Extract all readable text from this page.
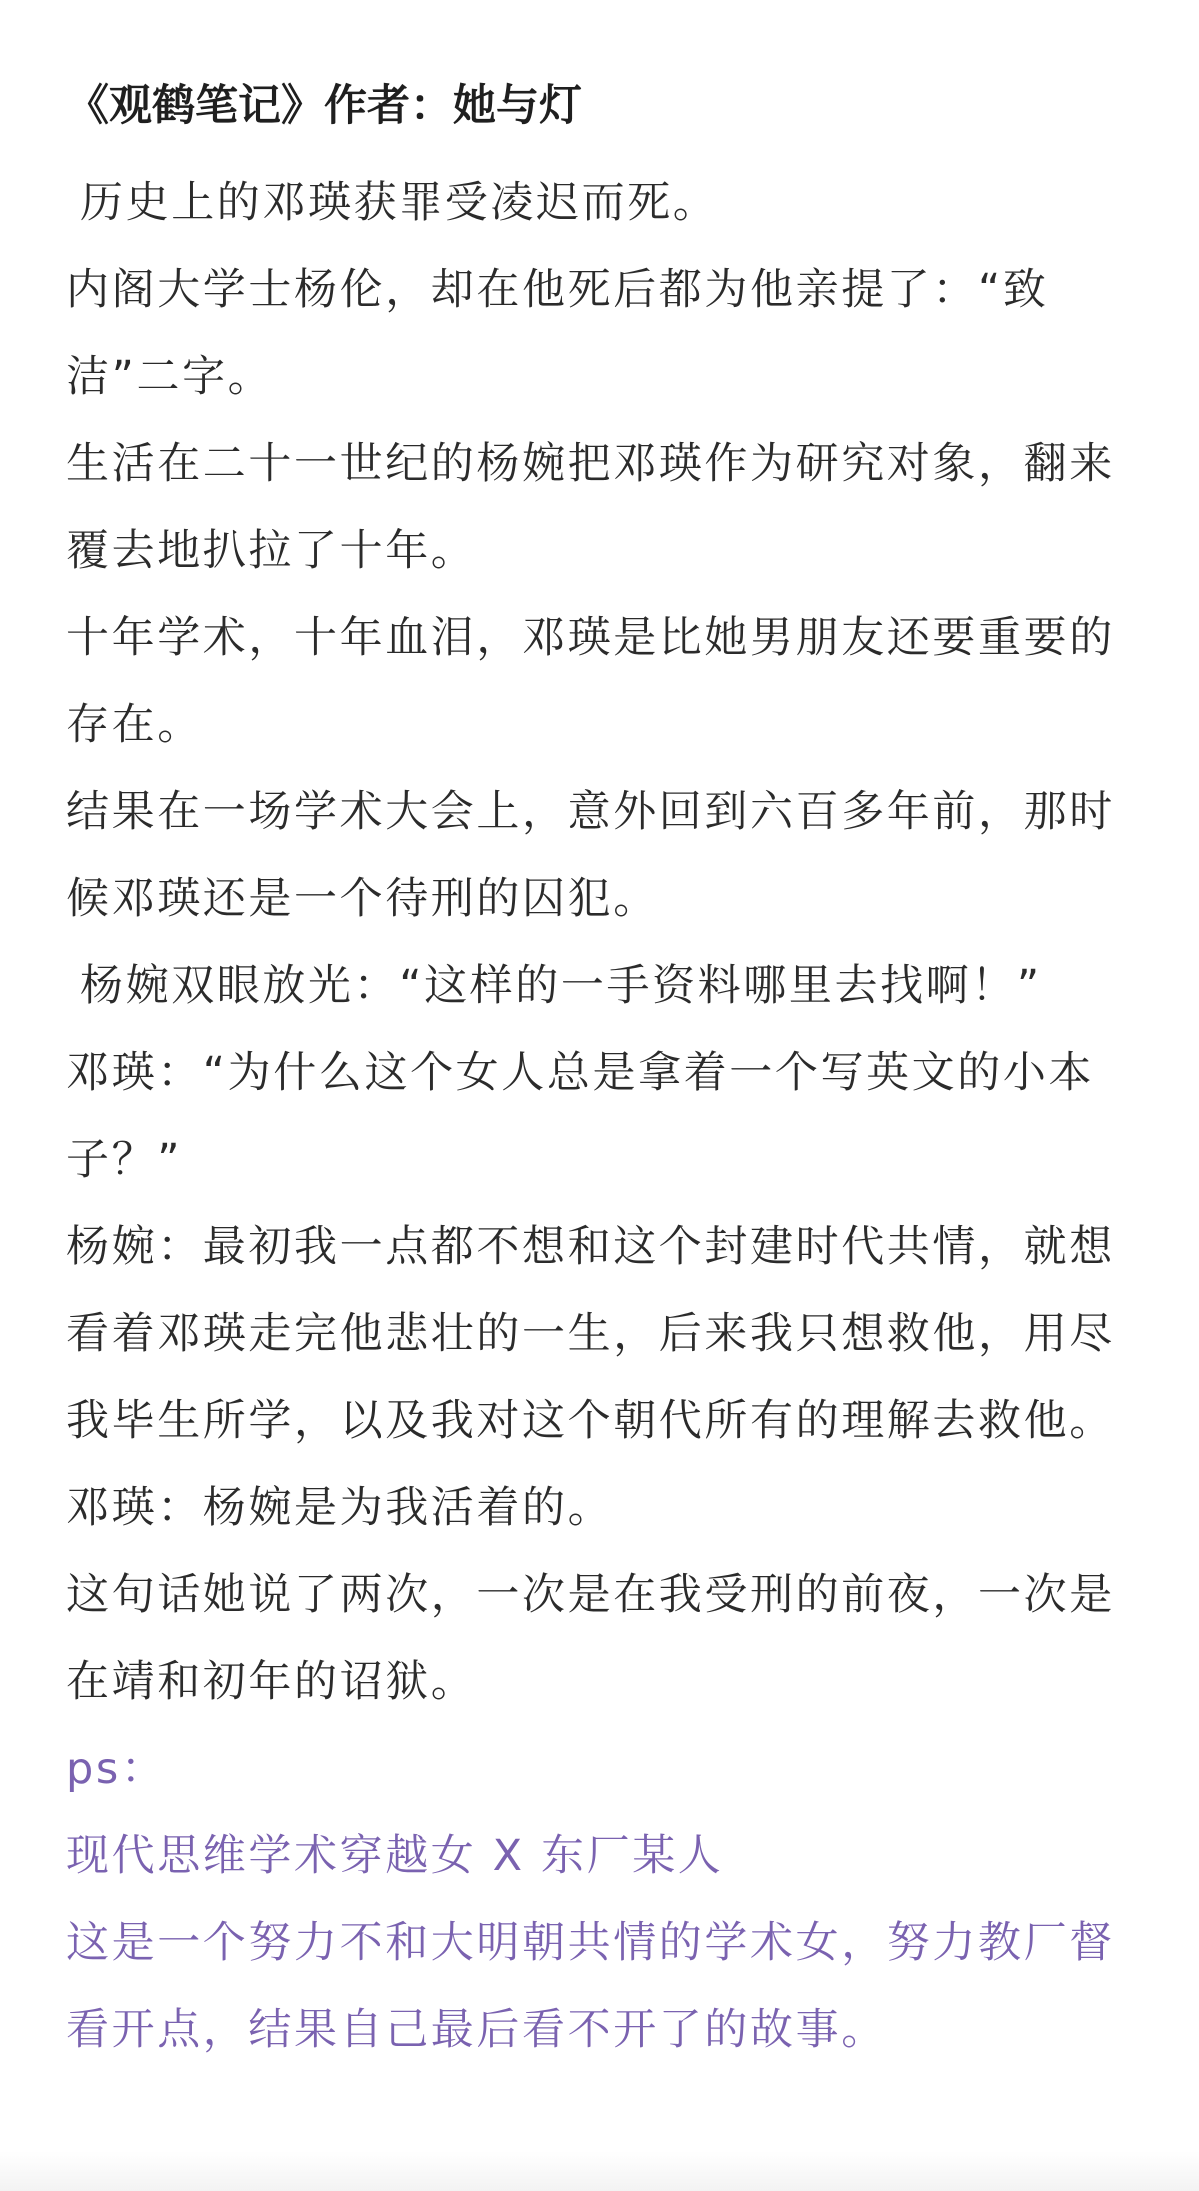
《观鹤笔记》作者：她与灯

历史上的邓瑛获罪受凌迟而死。

内阁大学士杨伦，却在他死后都为他亲提了：“致洁”二字。

生活在二十一世纪的杨婉把邓瑛作为研究对象，翻来覆去地扒拉了十年。

十年学术，十年血泪，邓瑛是比她男朋友还要重要的存在。

结果在一场学术大会上，意外回到六百多年前，那时候邓瑛还是一个待刑的囚犯。

杨婉双眼放光：“这样的一手资料哪里去找啊！”

邓瑛：“为什么这个女人总是拿着一个写英文的小本子？”

杨婉：最初我一点都不想和这个封建时代共情，就想看着邓瑛走完他悲壮的一生，后来我只想救他，用尽我毕生所学，以及我对这个朝代所有的理解去救他。

邓瑛：杨婉是为我活着的。

这句话她说了两次，一次是在我受刑的前夜，一次是在靖和初年的诏狱。

ps：

现代思维学术穿越女 X 东厂某人

这是一个努力不和大明朝共情的学术女，努力教厂督看开点，结果自己最后看不开了的故事。
